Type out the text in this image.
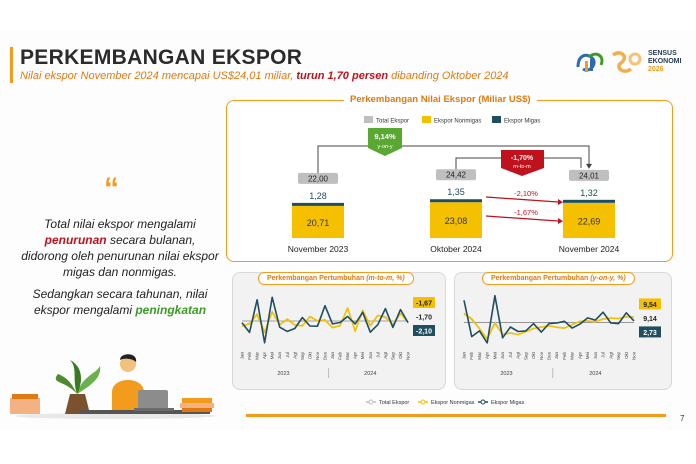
PERKEMBANGAN EKSPOR
Nilai ekspor November 2024 mencapai US$24,01 miliar, turun 1,70 persen dibanding Oktober 2024
SENSUS
EKONOMI
2026
“

Total nilai ekspor mengalami penurunan secara bulanan, didorong oleh penurunan nilai ekspor migas dan nonmigas.

Sedangkan secara tahunan, nilai ekspor mengalami peningkatan

Perkembangan Nilai Ekspor (Miliar US$)
Total Ekspor	Ekspor Nonmigas	Ekspor Migas
20,71
1,28
22,00
November 2023
23,08
1,35
24,42
Oktober 2024
22,69
1,32
24,01
November 2024
9,14%
y-on-y
-1,70%
m-to-m
-2,10%
-1,67%
Perkembangan Pertumbuhan (m-to-m, %)
Jan Feb Mar Apr Mei Jun Jul Agt Sep Okt Nov Des Jan Feb Mar Apr Mei Jun Jul Agt Sep Okt Nov
2023	2024
-1,67
-1,70
-2,10
Perkembangan Pertumbuhan (y-on-y, %)
Jan Feb Mar Apr Mei Jun Jul Agt Sep Okt Nov Des Jan Feb Mar Apr Mei Jun Jul Agt Sep Okt Nov
2023	2024
9,54
9,14
2,73
Total Ekspor	Ekspor Nonmigas	Ekspor Migas
7
